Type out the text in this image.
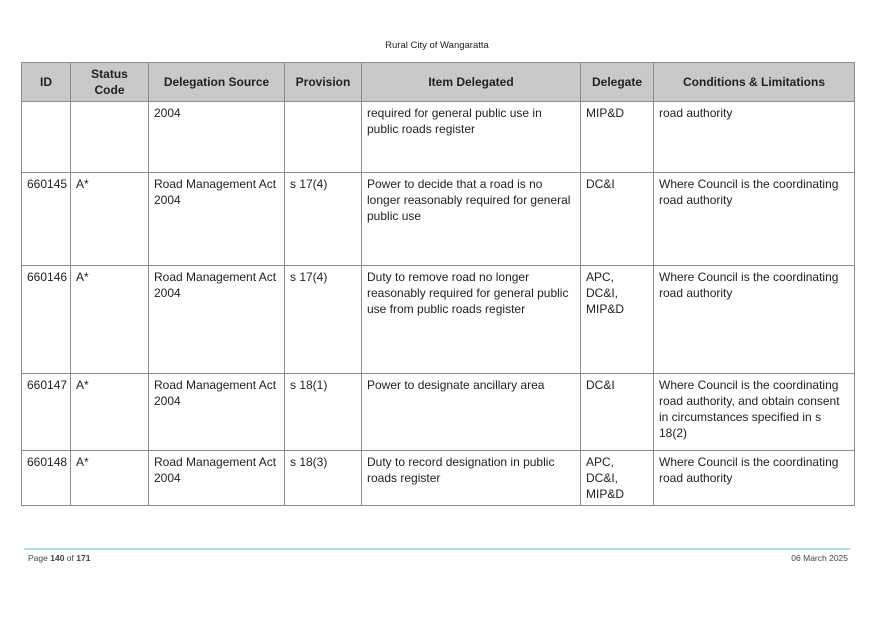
Rural City of Wangaratta
ID	Status Code	Delegation Source	Provision	Item Delegated	Delegate	Conditions & Limitations
		2004		required for general public use in public roads register	MIP&D	road authority
660145	A*	Road Management Act 2004	s 17(4)	Power to decide that a road is no longer reasonably required for general public use	DC&I	Where Council is the coordinating road authority
660146	A*	Road Management Act 2004	s 17(4)	Duty to remove road no longer reasonably required for general public use from public roads register	APC, DC&I, MIP&D	Where Council is the coordinating road authority
660147	A*	Road Management Act 2004	s 18(1)	Power to designate ancillary area	DC&I	Where Council is the coordinating road authority, and obtain consent in circumstances specified in s 18(2)
660148	A*	Road Management Act 2004	s 18(3)	Duty to record designation in public roads register	APC, DC&I, MIP&D	Where Council is the coordinating road authority
Page 140 of 171	06 March 2025
